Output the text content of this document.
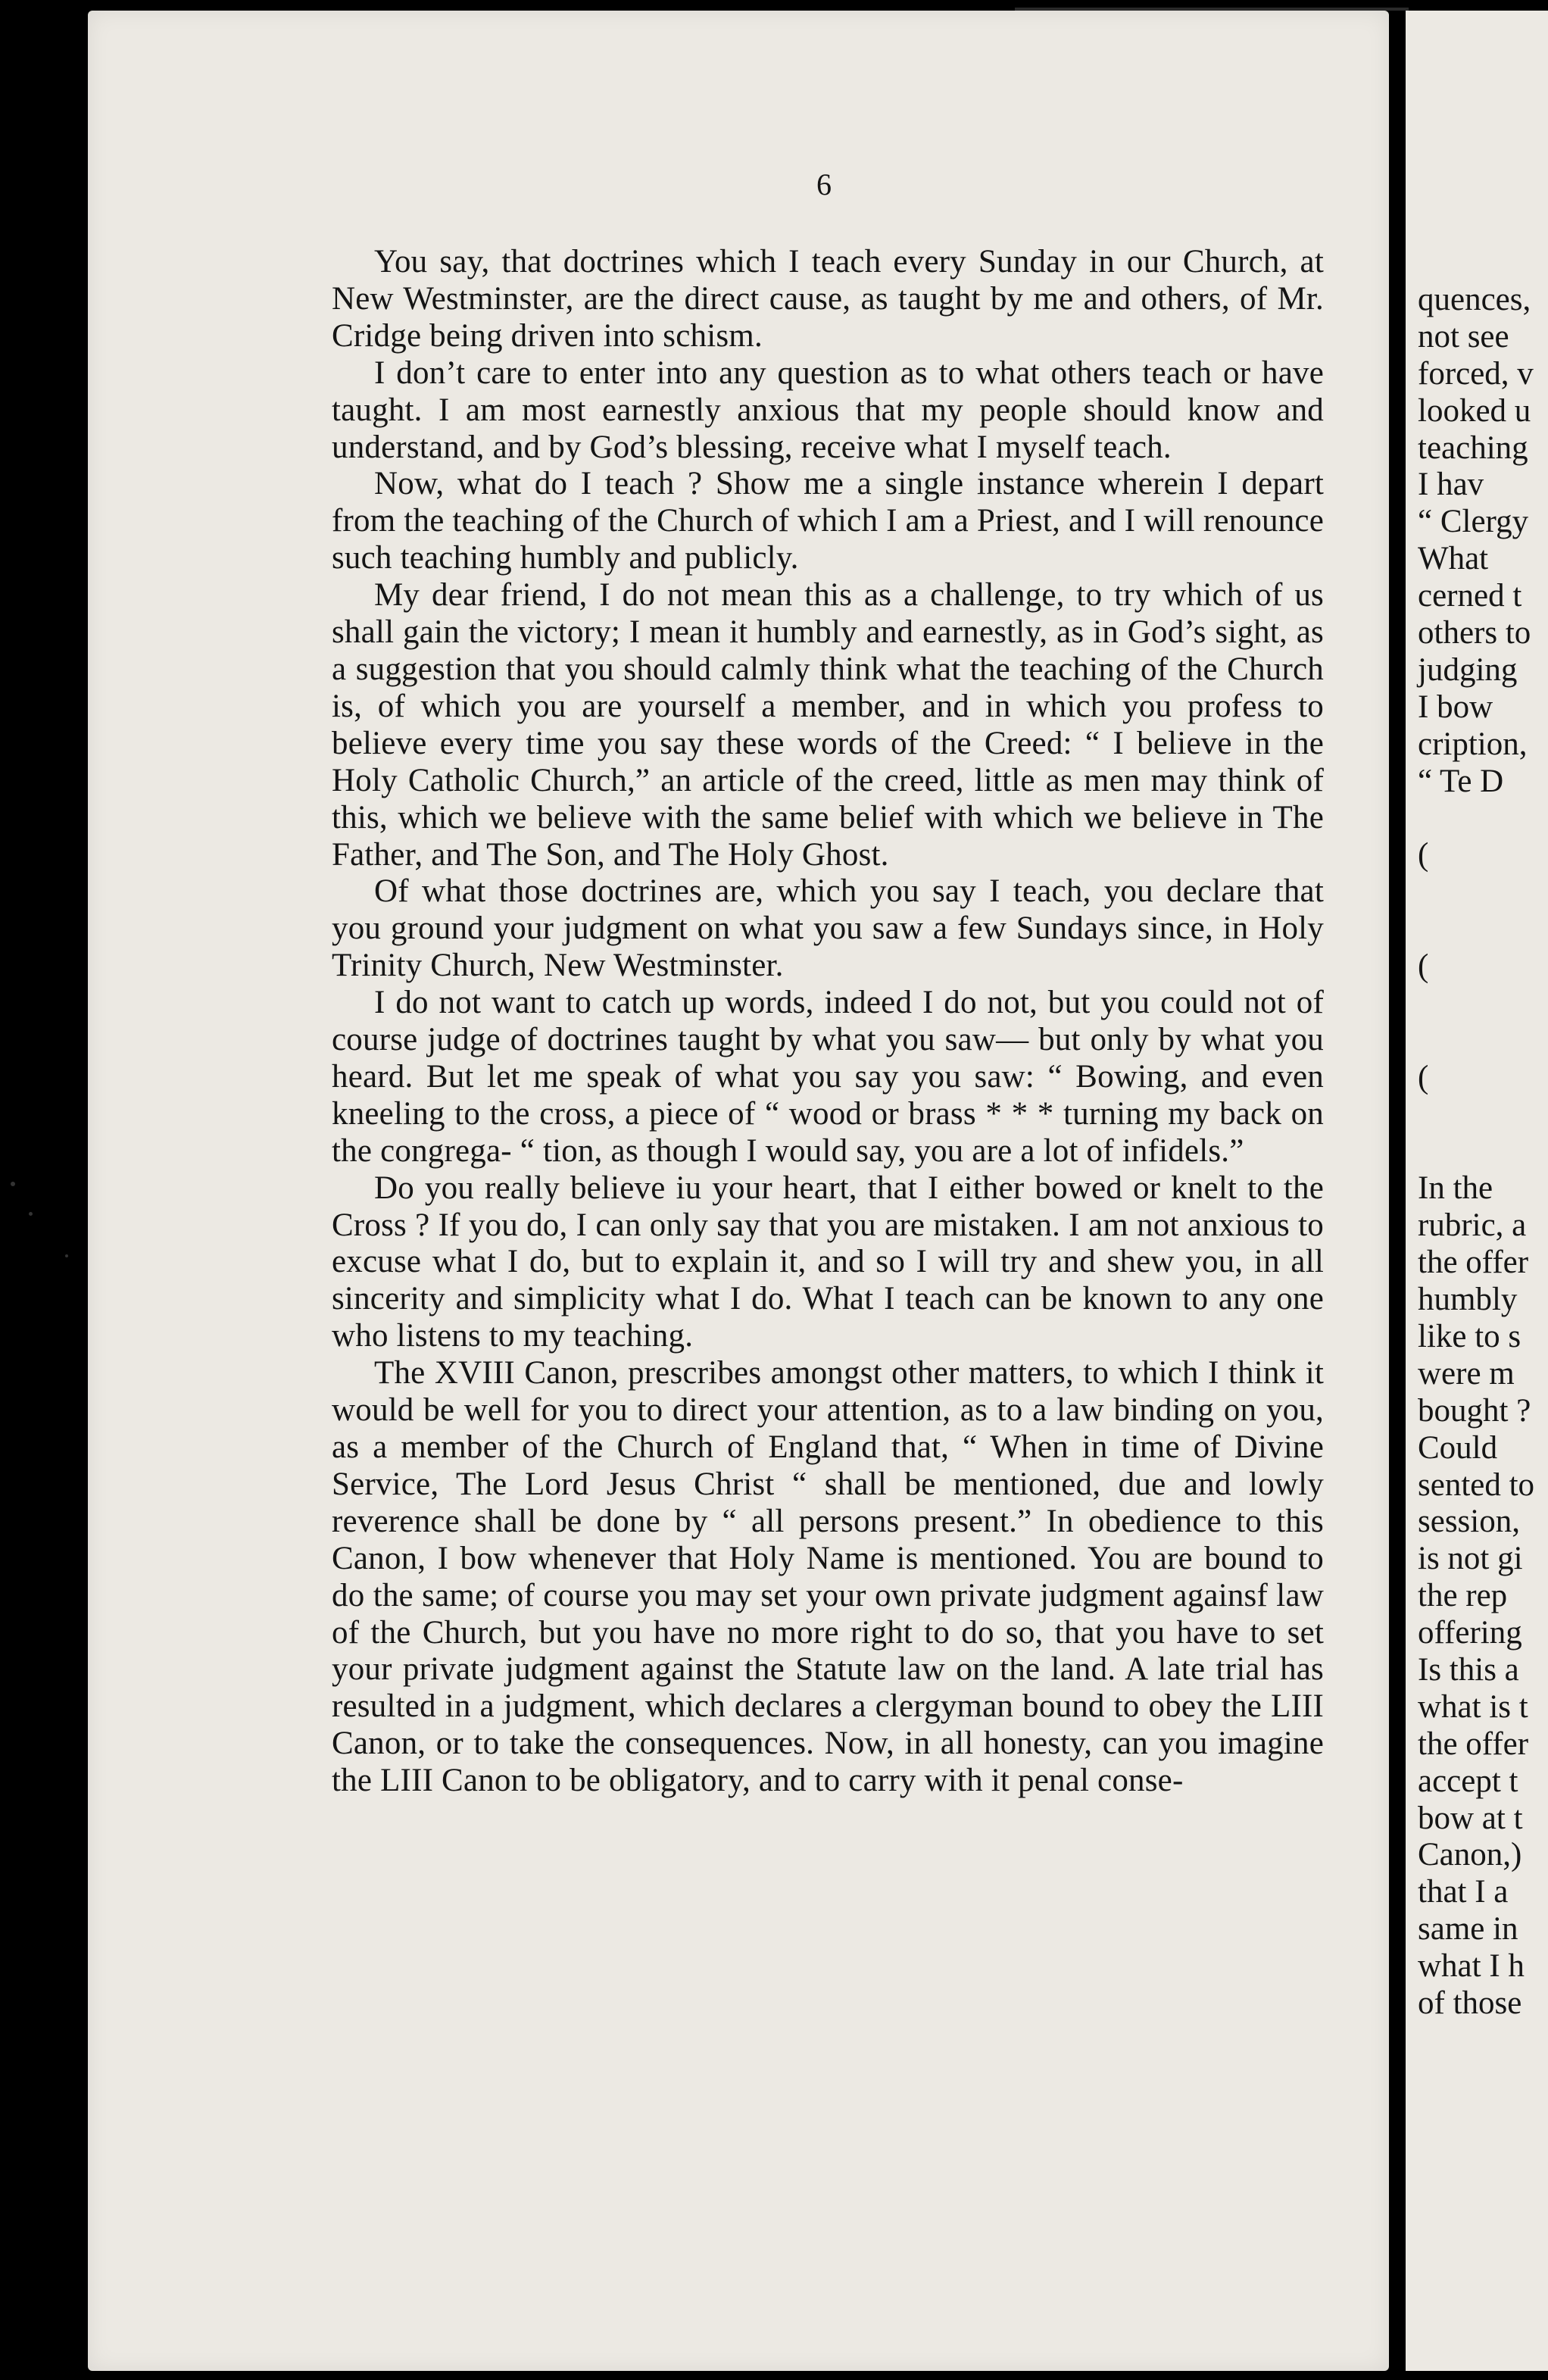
6

You say, that doctrines which I teach every Sunday in our Church, at New Westminster, are the direct cause, as taught by me and others, of Mr. Cridge being driven into schism.

I don’t care to enter into any question as to what others teach or have taught. I am most earnestly anxious that my people should know and understand, and by God’s blessing, receive what I myself teach.

Now, what do I teach ? Show me a single instance wherein I depart from the teaching of the Church of which I am a Priest, and I will renounce such teaching humbly and publicly.

My dear friend, I do not mean this as a challenge, to try which of us shall gain the victory; I mean it humbly and earnestly, as in God’s sight, as a suggestion that you should calmly think what the teaching of the Church is, of which you are yourself a member, and in which you profess to believe every time you say these words of the Creed: “ I believe in the Holy Catholic Church,” an article of the creed, little as men may think of this, which we believe with the same belief with which we believe in The Father, and The Son, and The Holy Ghost.

Of what those doctrines are, which you say I teach, you declare that you ground your judgment on what you saw a few Sundays since, in Holy Trinity Church, New Westminster.

I do not want to catch up words, indeed I do not, but you could not of course judge of doctrines taught by what you saw— but only by what you heard. But let me speak of what you say you saw: “ Bowing, and even kneeling to the cross, a piece of “ wood or brass * * * turning my back on the congrega- “ tion, as though I would say, you are a lot of infidels.”

Do you really believe iu your heart, that I either bowed or knelt to the Cross ? If you do, I can only say that you are mistaken. I am not anxious to excuse what I do, but to explain it, and so I will try and shew you, in all sincerity and simplicity what I do. What I teach can be known to any one who listens to my teaching.

The XVIII Canon, prescribes amongst other matters, to which I think it would be well for you to direct your attention, as to a law binding on you, as a member of the Church of England that, “ When in time of Divine Service, The Lord Jesus Christ “ shall be mentioned, due and lowly reverence shall be done by “ all persons present.” In obedience to this Canon, I bow whenever that Holy Name is mentioned. You are bound to do the same; of course you may set your own private judgment againsf law of the Church, but you have no more right to do so, that you have to set your private judgment against the Statute law on the land. A late trial has resulted in a judgment, which declares a clergyman bound to obey the LIII Canon, or to take the consequences. Now, in all honesty, can you imagine the LIII Canon to be obligatory, and to carry with it penal conse-

quences,
not see
forced, v
looked u
teaching
I hav
“ Clergy
What
cerned t
others to
judging
I bow
cription,
“ Te D
(
(
(
In the
rubric, a
the offer
humbly
like to s
were m
bought ?
Could
sented to
session,
is not gi
the rep
offering
Is this a
what is t
the offer
accept t
bow at t
Canon,)
that I a
same in
what I h
of those
